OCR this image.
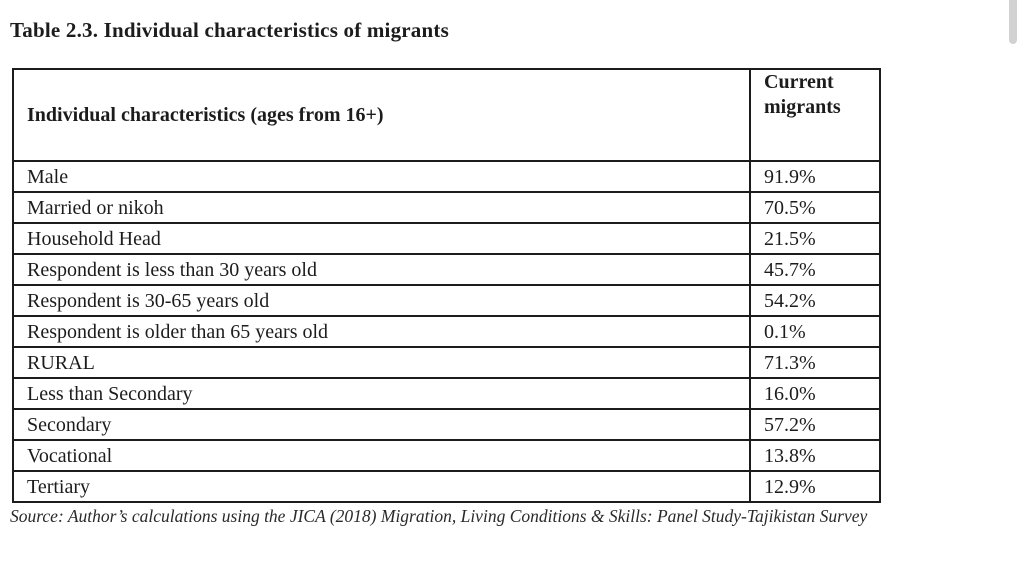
Table 2.3. Individual characteristics of migrants
Individual characteristics (ages from 16+)	Current migrants
Male	91.9%
Married or nikoh	70.5%
Household Head	21.5%
Respondent is less than 30 years old	45.7%
Respondent is 30-65 years old	54.2%
Respondent is older than 65 years old	0.1%
RURAL	71.3%
Less than Secondary	16.0%
Secondary	57.2%
Vocational	13.8%
Tertiary	12.9%

Source: Author’s calculations using the JICA (2018) Migration, Living Conditions & Skills: Panel Study-Tajikistan Survey
